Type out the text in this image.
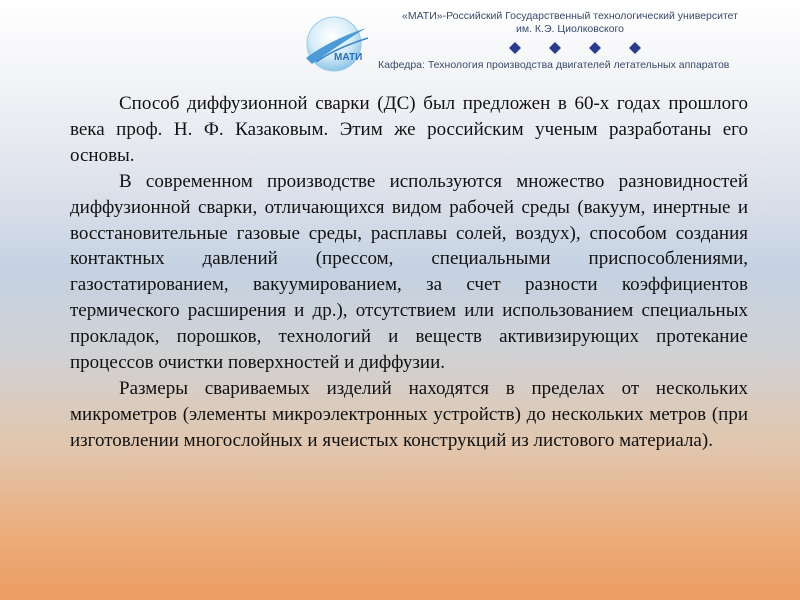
МАТИ
«МАТИ»-Российский Государственный технологический университет
им. К.Э. Циолковского
Кафедра: Технология производства двигателей летательных аппаратов

Способ диффузионной сварки (ДС) был предложен в 60-х годах прошлого века проф. Н. Ф. Казаковым. Этим же российским ученым разработаны его основы.

В современном производстве используются множество разновидностей диффузионной сварки, отличающихся видом рабочей среды (вакуум, инертные и восстановительные газовые среды, расплавы солей, воздух), способом создания контактных давлений (прессом, специальными приспособлениями, газостатированием, вакуумированием, за счет разности коэффициентов термического расширения и др.), отсутствием или использованием специальных прокладок, порошков, технологий и веществ активизирующих протекание процессов очистки поверхностей и диффузии.

Размеры свариваемых изделий находятся в пределах от нескольких микрометров (элементы микроэлектронных устройств) до нескольких метров (при изготовлении многослойных и ячеистых конструкций из листового материала).
